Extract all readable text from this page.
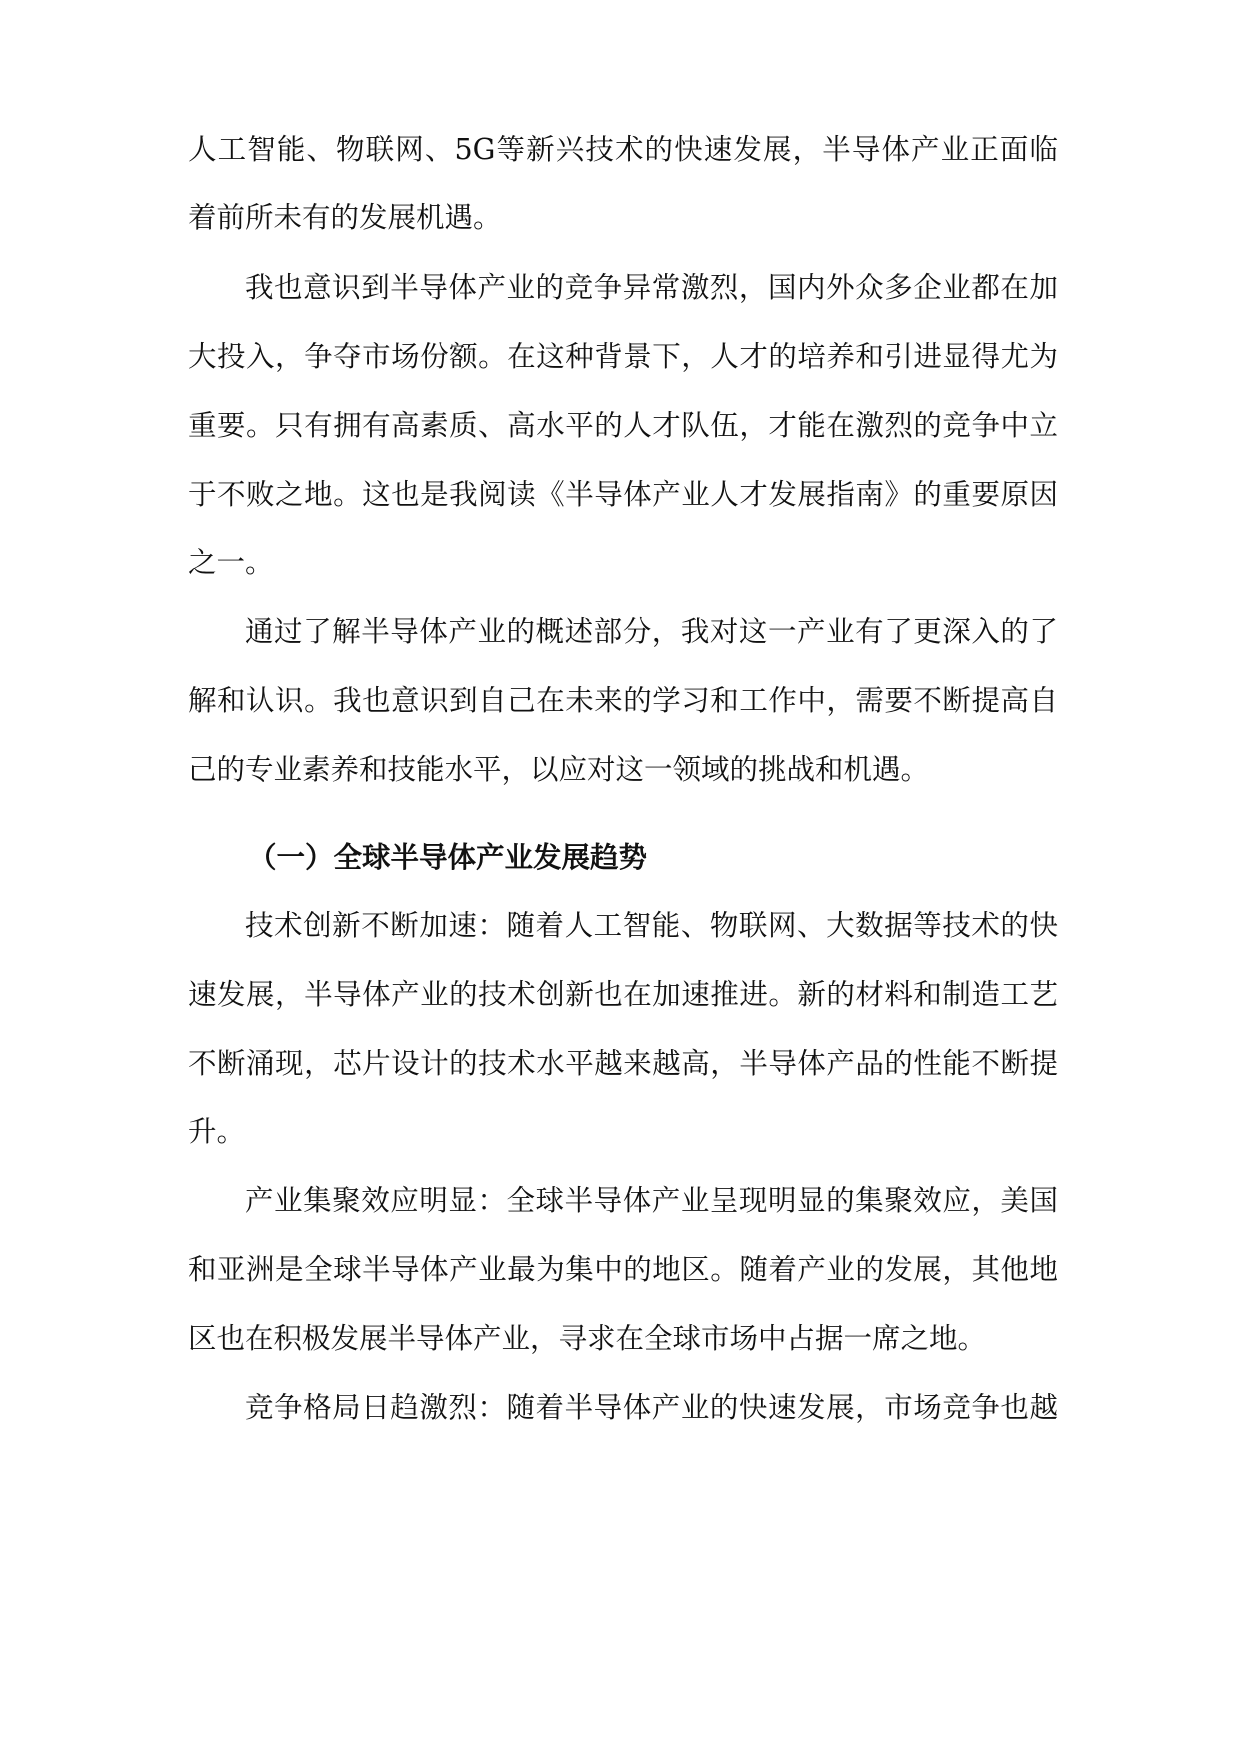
人工智能、物联网、5G等新兴技术的快速发展，半导体产业正面临
着前所未有的发展机遇。
我也意识到半导体产业的竞争异常激烈，国内外众多企业都在加
大投入，争夺市场份额。在这种背景下，人才的培养和引进显得尤为
重要。只有拥有高素质、高水平的人才队伍，才能在激烈的竞争中立
于不败之地。这也是我阅读《半导体产业人才发展指南》的重要原因
之一。
通过了解半导体产业的概述部分，我对这一产业有了更深入的了
解和认识。我也意识到自己在未来的学习和工作中，需要不断提高自
己的专业素养和技能水平，以应对这一领域的挑战和机遇。
（一）全球半导体产业发展趋势
技术创新不断加速：随着人工智能、物联网、大数据等技术的快
速发展，半导体产业的技术创新也在加速推进。新的材料和制造工艺
不断涌现，芯片设计的技术水平越来越高，半导体产品的性能不断提
升。
产业集聚效应明显：全球半导体产业呈现明显的集聚效应，美国
和亚洲是全球半导体产业最为集中的地区。随着产业的发展，其他地
区也在积极发展半导体产业，寻求在全球市场中占据一席之地。
竞争格局日趋激烈：随着半导体产业的快速发展，市场竞争也越
